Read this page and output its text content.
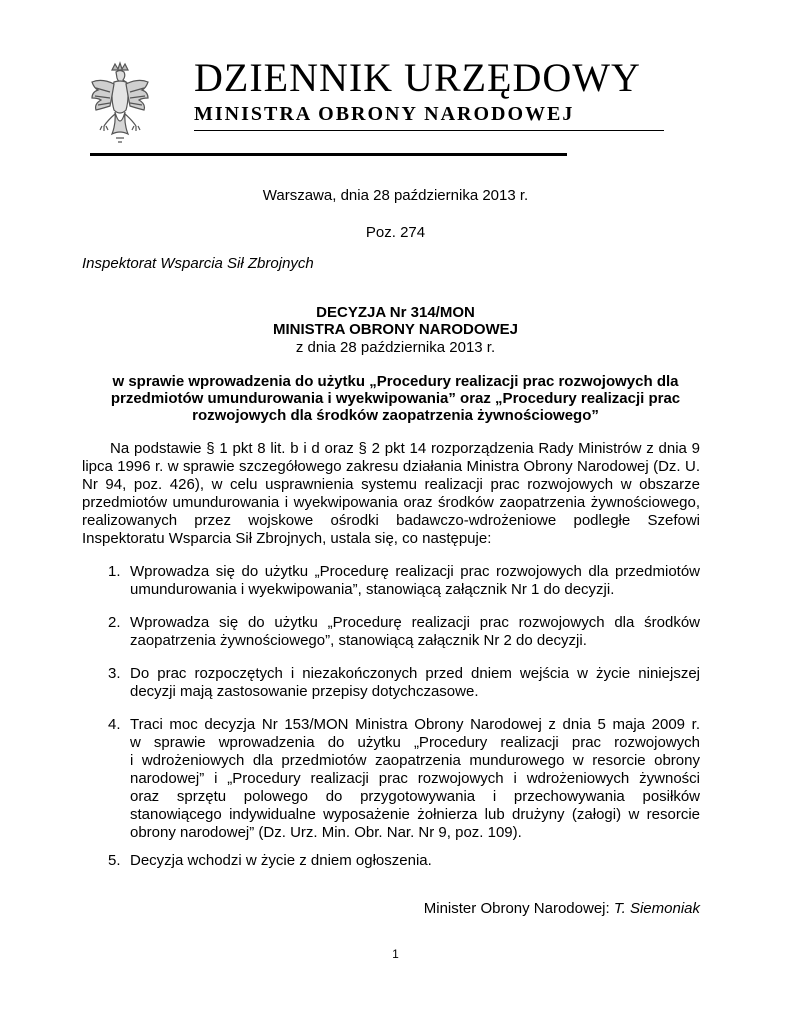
DZIENNIK URZĘDOWY
MINISTRA OBRONY NARODOWEJ
Warszawa, dnia 28 października 2013 r.
Poz. 274
Inspektorat Wsparcia Sił Zbrojnych
DECYZJA Nr 314/MON
MINISTRA OBRONY NARODOWEJ
z dnia 28 października 2013 r.
w sprawie wprowadzenia do użytku „Procedury realizacji prac rozwojowych dla
przedmiotów umundurowania i wyekwipowania” oraz „Procedury realizacji prac
rozwojowych dla środków zaopatrzenia żywnościowego”
Na podstawie § 1 pkt 8 lit. b i d oraz § 2 pkt 14 rozporządzenia Rady Ministrów z dnia 9 lipca 1996 r. w sprawie szczegółowego zakresu działania Ministra Obrony Narodowej (Dz. U. Nr 94, poz. 426), w celu usprawnienia systemu realizacji prac rozwojowych w obszarze przedmiotów umundurowania i wyekwipowania oraz środków zaopatrzenia żywnościowego, realizowanych przez wojskowe ośrodki badawczo-wdrożeniowe podległe Szefowi Inspektoratu Wsparcia Sił Zbrojnych, ustala się, co następuje:
1. Wprowadza się do użytku „Procedurę realizacji prac rozwojowych dla przedmiotów
umundurowania i wyekwipowania”, stanowiącą załącznik Nr 1 do decyzji.
2. Wprowadza się do użytku „Procedurę realizacji prac rozwojowych dla środków
zaopatrzenia żywnościowego”, stanowiącą załącznik Nr 2 do decyzji.
3. Do prac rozpoczętych i niezakończonych przed dniem wejścia w życie niniejszej
decyzji mają zastosowanie przepisy dotychczasowe.
4. Traci moc decyzja Nr 153/MON Ministra Obrony Narodowej z dnia 5 maja 2009 r.
w sprawie wprowadzenia do użytku „Procedury realizacji prac rozwojowych
i wdrożeniowych dla przedmiotów zaopatrzenia mundurowego w resorcie obrony
narodowej” i „Procedury realizacji prac rozwojowych i wdrożeniowych żywności
oraz sprzętu polowego do przygotowywania i przechowywania posiłków
stanowiącego indywidualne wyposażenie żołnierza lub drużyny (załogi) w resorcie
obrony narodowej” (Dz. Urz. Min. Obr. Nar. Nr 9, poz. 109).
5. Decyzja wchodzi w życie z dniem ogłoszenia.
Minister Obrony Narodowej: T. Siemoniak
1
